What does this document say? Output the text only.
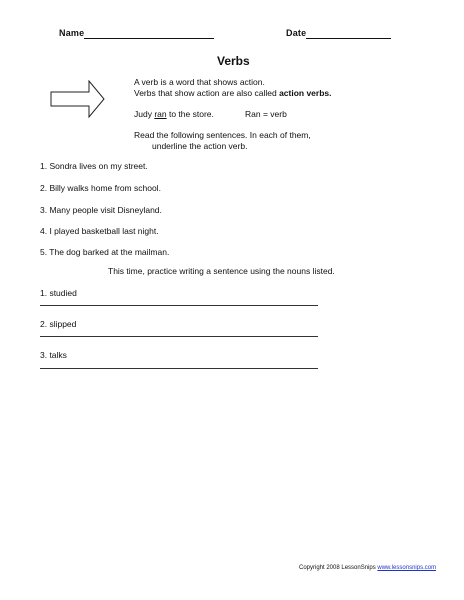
Name	Date
Verbs
A verb is a word that shows action.
Verbs that show action are also called action verbs.
Judy ran to the store.	Ran = verb
Read the following sentences. In each of them,
underline the action verb.
1. Sondra lives on my street.
2. Billy walks home from school.
3. Many people visit Disneyland.
4. I played basketball last night.
5. The dog barked at the mailman.
This time, practice writing a sentence using the nouns listed.
1. studied
2. slipped
3. talks
Copyright 2008 LessonSnips www.lessonsnips.com
